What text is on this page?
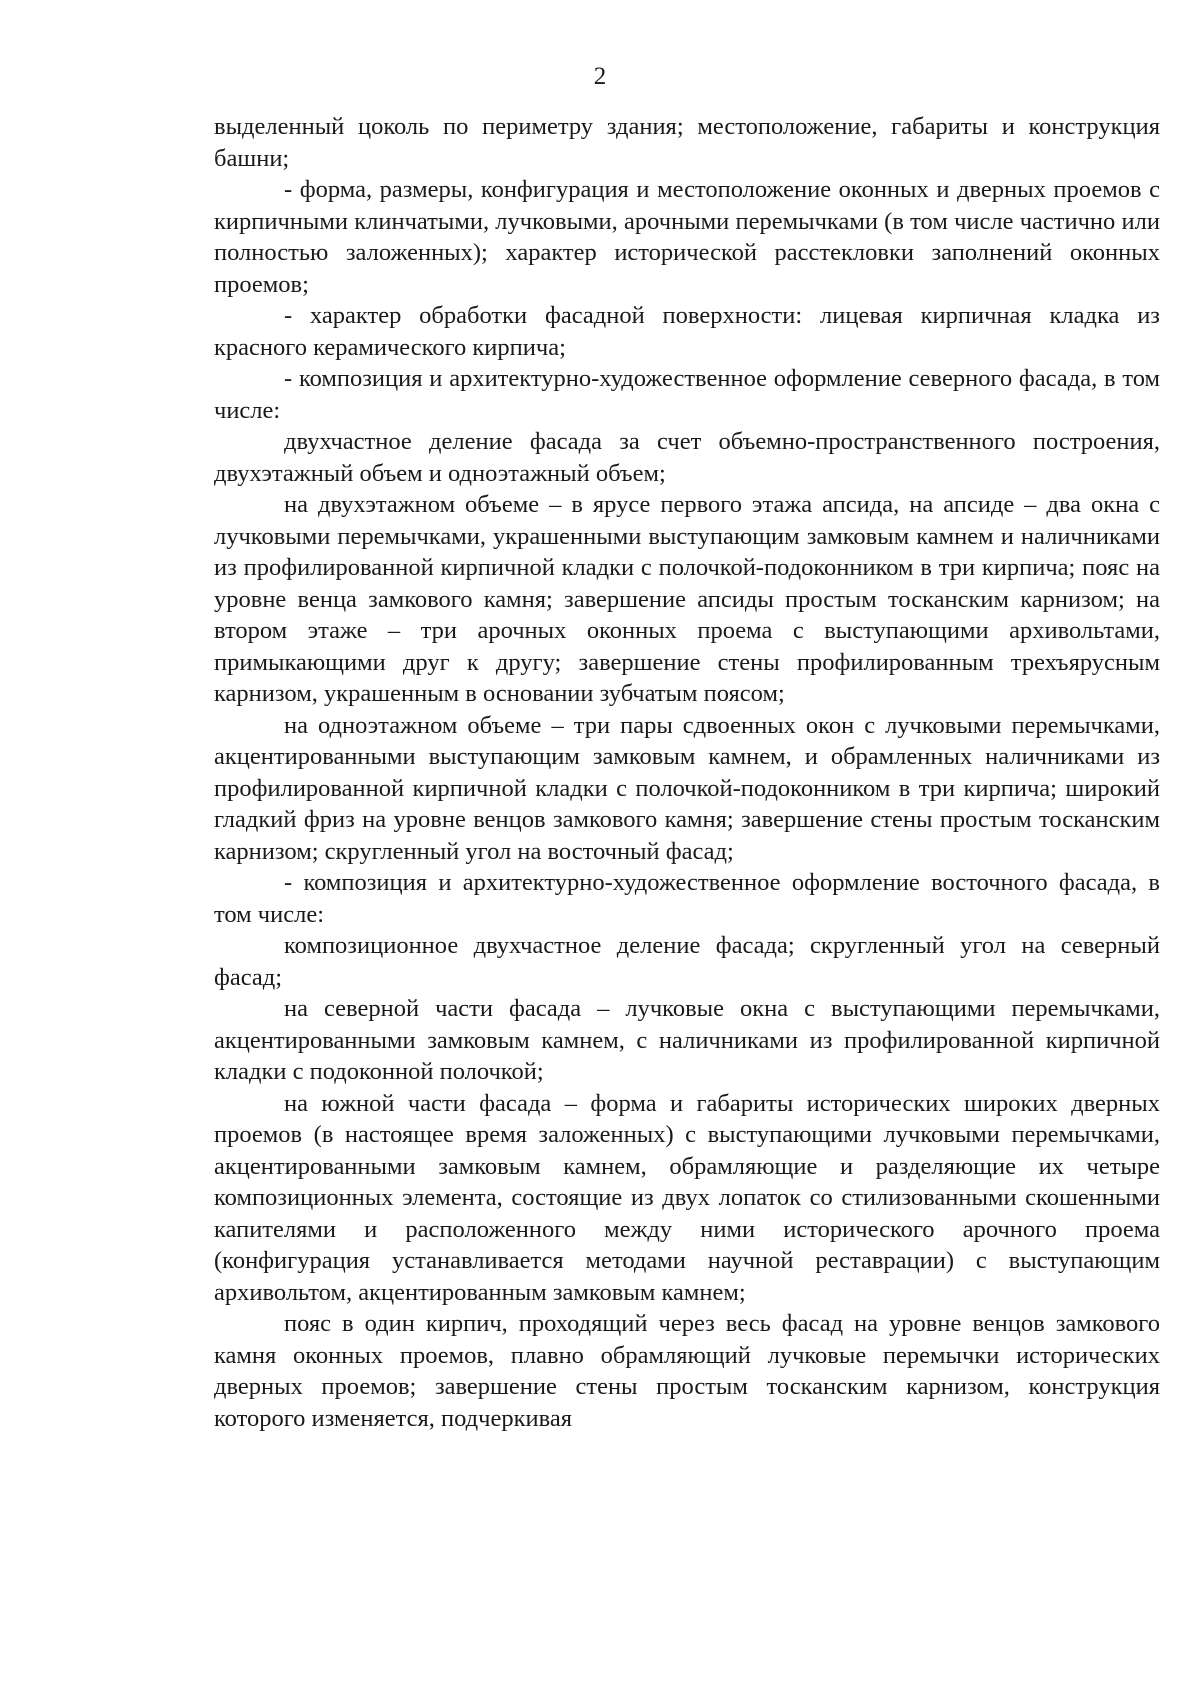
2

выделенный цоколь по периметру здания; местоположение, габариты и конструкция башни;

- форма, размеры, конфигурация и местоположение оконных и дверных проемов с кирпичными клинчатыми, лучковыми, арочными перемычками (в том числе частично или полностью заложенных); характер исторической расстекловки заполнений оконных проемов;

- характер обработки фасадной поверхности: лицевая кирпичная кладка из красного керамического кирпича;

- композиция и архитектурно-художественное оформление северного фасада, в том числе:

двухчастное деление фасада за счет объемно-пространственного построения, двухэтажный объем и одноэтажный объем;

на двухэтажном объеме – в ярусе первого этажа апсида, на апсиде – два окна с лучковыми перемычками, украшенными выступающим замковым камнем и наличниками из профилированной кирпичной кладки с полочкой-подоконником в три кирпича; пояс на уровне венца замкового камня; завершение апсиды простым тосканским карнизом; на втором этаже – три арочных оконных проема с выступающими архивольтами, примыкающими друг к другу; завершение стены профилированным трехъярусным карнизом, украшенным в основании зубчатым поясом;

на одноэтажном объеме – три пары сдвоенных окон с лучковыми перемычками, акцентированными выступающим замковым камнем, и обрамленных наличниками из профилированной кирпичной кладки с полочкой-подоконником в три кирпича; широкий гладкий фриз на уровне венцов замкового камня; завершение стены простым тосканским карнизом; скругленный угол на восточный фасад;

- композиция и архитектурно-художественное оформление восточного фасада, в том числе:

композиционное двухчастное деление фасада; скругленный угол на северный фасад;

на северной части фасада – лучковые окна с выступающими перемычками, акцентированными замковым камнем, с наличниками из профилированной кирпичной кладки с подоконной полочкой;

на южной части фасада – форма и габариты исторических широких дверных проемов (в настоящее время заложенных) с выступающими лучковыми перемычками, акцентированными замковым камнем, обрамляющие и разделяющие их четыре композиционных элемента, состоящие из двух лопаток со стилизованными скошенными капителями и расположенного между ними исторического арочного проема (конфигурация устанавливается методами научной реставрации) с выступающим архивольтом, акцентированным замковым камнем;

пояс в один кирпич, проходящий через весь фасад на уровне венцов замкового камня оконных проемов, плавно обрамляющий лучковые перемычки исторических дверных проемов; завершение стены простым тосканским карнизом, конструкция которого изменяется, подчеркивая
